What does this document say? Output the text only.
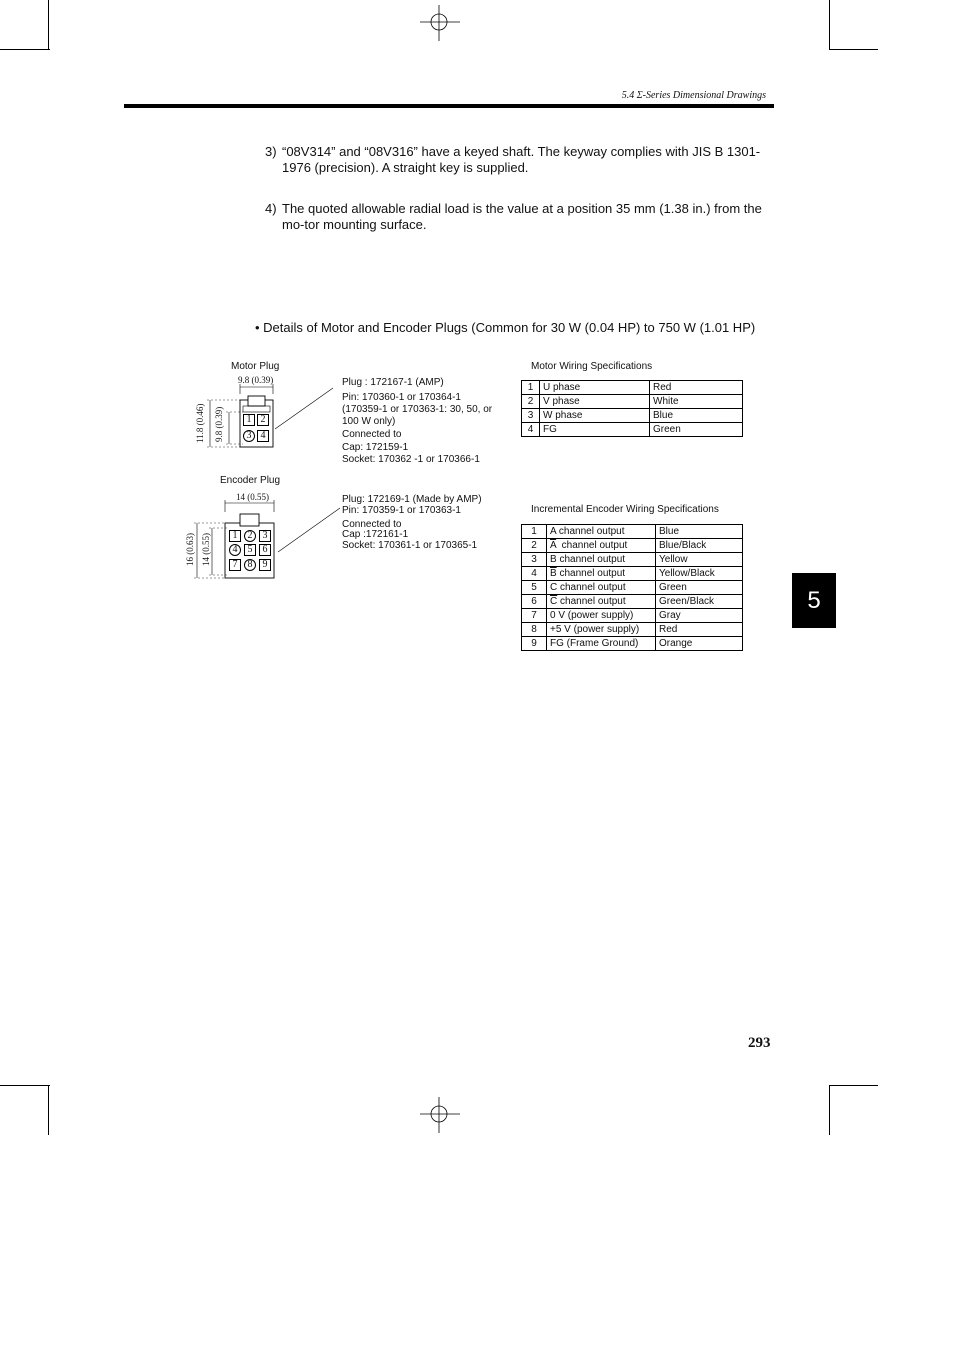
5.4 Σ-Series Dimensional Drawings
3) “08V314” and “08V316” have a keyed shaft. The keyway complies with JIS B 1301-1976 (precision). A straight key is supplied.
4) The quoted allowable radial load is the value at a position 35 mm (1.38 in.) from the mo-tor mounting surface.
• Details of Motor and Encoder Plugs (Common for 30 W (0.04 HP) to 750 W (1.01 HP)
Motor Plug
9.8 (0.39)
11.8 (0.46) 9.8 (0.39)	1 2
3 4
Plug : 172167-1 (AMP)
Pin: 170360-1 or 170364-1
(170359-1 or 170363-1: 30, 50, or
100 W only)
Connected to
Cap: 172159-1
Socket: 170362 -1 or 170366-1
Encoder Plug
14 (0.55)
16 (0.63) 14 (0.55)	1	2	3
4	5	6
7	8	9
Plug: 172169-1 (Made by AMP)
Pin: 170359-1 or 170363-1
Connected to
Cap :172161-1
Socket: 170361-1 or 170365-1
Motor Wiring Specifications
1	U phase	Red
2	V phase	White
3	W phase	Blue
4	FG	Green
Incremental Encoder Wiring Specifications
1	A channel output	Blue
2	$\overline{A}$  channel output	Blue/Black
3	B channel output	Yellow
4	$\overline{B}$ channel output	Yellow/Black
5	C channel output	Green
6	$\overline{C}$ channel output	Green/Black
7	0 V (power supply)	Gray
8	+5 V (power supply)	Red
9	FG (Frame Ground)	Orange
5
293
